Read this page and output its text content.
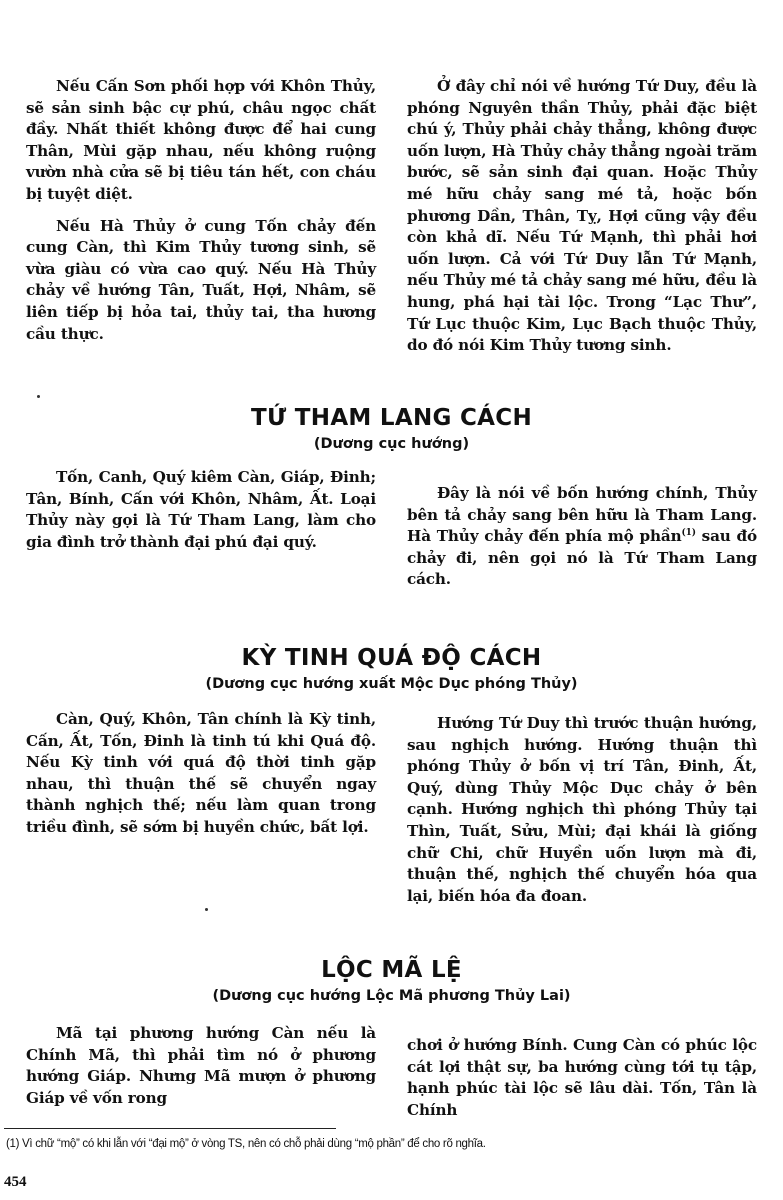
Nếu Cấn Sơn phối hợp với Khôn Thủy, sẽ sản sinh bậc cự phú, châu ngọc chất đầy. Nhất thiết không được để hai cung Thân, Mùi gặp nhau, nếu không ruộng vườn nhà cửa sẽ bị tiêu tán hết, con cháu bị tuyệt diệt.

Nếu Hà Thủy ở cung Tốn chảy đến cung Càn, thì Kim Thủy tương sinh, sẽ vừa giàu có vừa cao quý. Nếu Hà Thủy chảy về hướng Tân, Tuất, Hợi, Nhâm, sẽ liên tiếp bị hỏa tai, thủy tai, tha hương cầu thực.

Ở đây chỉ nói về hướng Tứ Duy, đều là phóng Nguyên thần Thủy, phải đặc biệt chú ý, Thủy phải chảy thẳng, không được uốn lượn, Hà Thủy chảy thẳng ngoài trăm bước, sẽ sản sinh đại quan. Hoặc Thủy mé hữu chảy sang mé tả, hoặc bốn phương Dần, Thân, Tỵ, Hợi cũng vậy đều còn khả dĩ. Nếu Tứ Mạnh, thì phải hơi uốn lượn. Cả với Tứ Duy lẫn Tứ Mạnh, nếu Thủy mé tả chảy sang mé hữu, đều là hung, phá hại tài lộc. Trong “Lạc Thư”, Tứ Lục thuộc Kim, Lục Bạch thuộc Thủy, do đó nói Kim Thủy tương sinh.

TỨ THAM LANG CÁCH
(Dương cục hướng)

Tốn, Canh, Quý kiêm Càn, Giáp, Đinh; Tân, Bính, Cấn với Khôn, Nhâm, Ất. Loại Thủy này gọi là Tứ Tham Lang, làm cho gia đình trở thành đại phú đại quý.

Đây là nói về bốn hướng chính, Thủy bên tả chảy sang bên hữu là Tham Lang. Hà Thủy chảy đến phía mộ phần$^{(1)}$ sau đó chảy đi, nên gọi nó là Tứ Tham Lang cách.

KỲ TINH QUÁ ĐỘ CÁCH
(Dương cục hướng xuất Mộc Dục phóng Thủy)

Càn, Quý, Khôn, Tân chính là Kỳ tinh, Cấn, Ất, Tốn, Đinh là tinh tú khi Quá độ. Nếu Kỳ tinh với quá độ thời tinh gặp nhau, thì thuận thế sẽ chuyển ngay thành nghịch thế; nếu làm quan trong triều đình, sẽ sớm bị huyền chức, bất lợi.

Hướng Tứ Duy thì trước thuận hướng, sau nghịch hướng. Hướng thuận thì phóng Thủy ở bốn vị trí Tân, Đinh, Ất, Quý, dùng Thủy Mộc Dục chảy ở bên cạnh. Hướng nghịch thì phóng Thủy tại Thìn, Tuất, Sửu, Mùi; đại khái là giống chữ Chi, chữ Huyền uốn lượn mà đi, thuận thế, nghịch thế chuyển hóa qua lại, biến hóa đa đoan.

LỘC MÃ LỆ
(Dương cục hướng Lộc Mã phương Thủy Lai)

Mã tại phương hướng Càn nếu là Chính Mã, thì phải tìm nó ở phương hướng Giáp. Nhưng Mã mượn ở phương Giáp về vốn rong

chơi ở hướng Bính. Cung Càn có phúc lộc cát lợi thật sự, ba hướng cùng tới tụ tập, hạnh phúc tài lộc sẽ lâu dài. Tốn, Tân là Chính

(1) Vì chữ “mộ” có khi lẫn với “đại mộ” ở vòng TS, nên có chỗ phải dùng “mộ phần” để cho rõ nghĩa.
454
